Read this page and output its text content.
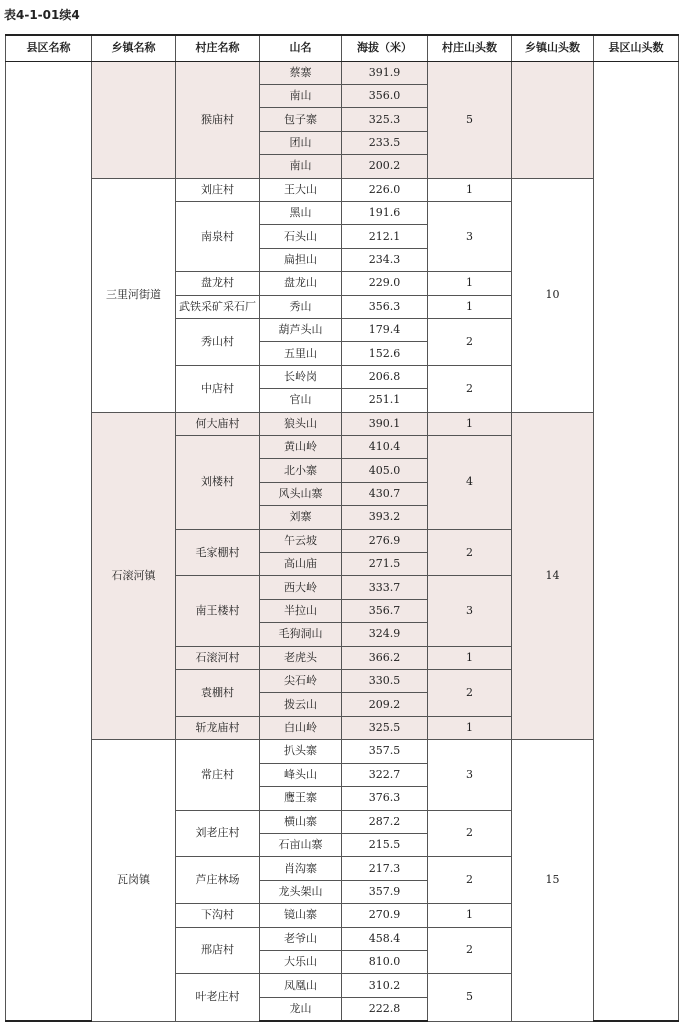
表4-1-01续4
县区名称	乡镇名称	村庄名称	山名	海拔（米）	村庄山头数	乡镇山头数	县区山头数
		猴庙村	蔡寨	391.9	5		
			南山	356.0			
			包子寨	325.3			
			团山	233.5			
			南山	200.2			
	三里河街道	刘庄村	王大山	226.0	1	10	
		南泉村	黑山	191.6	3		
			石头山	212.1			
			扁担山	234.3			
		盘龙村	盘龙山	229.0	1		
		武铁采矿采石厂	秀山	356.3	1		
		秀山村	葫芦头山	179.4	2		
			五里山	152.6			
		中店村	长岭岗	206.8	2		
			官山	251.1			
	石滚河镇	何大庙村	狼头山	390.1	1	14	
		刘楼村	黄山岭	410.4	4		
			北小寨	405.0			
			风头山寨	430.7			
			刘寨	393.2			
		毛家棚村	午云坡	276.9	2		
			高山庙	271.5			
		南王楼村	西大岭	333.7	3		
			半拉山	356.7			
			毛狗洞山	324.9			
		石滚河村	老虎头	366.2	1		
		袁棚村	尖石岭	330.5	2		
			拨云山	209.2			
		斩龙庙村	白山岭	325.5	1		
	瓦岗镇	常庄村	扒头寨	357.5	3	15	
			峰头山	322.7			
			鹰王寨	376.3			
		刘老庄村	横山寨	287.2	2		
			石亩山寨	215.5			
		芦庄林场	肖沟寨	217.3	2		
			龙头架山	357.9			
		下沟村	镜山寨	270.9	1		
		邢店村	老爷山	458.4	2		
			大乐山	810.0			
		叶老庄村	凤凰山	310.2	5		
			龙山	222.8			
